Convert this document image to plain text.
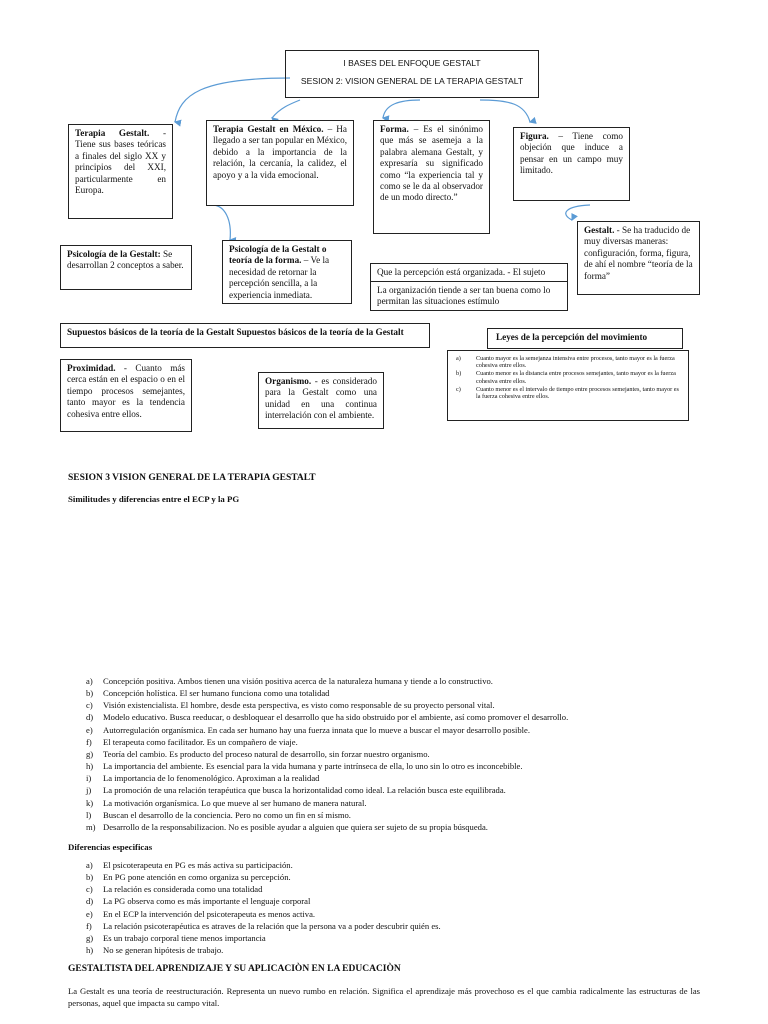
I BASES DEL ENFOQUE GESTALT
SESION 2: VISION GENERAL DE LA TERAPIA GESTALT
Terapia Gestalt. - Tiene sus bases teóricas a finales del siglo XX y principios del XXI, particularmente en Europa.
Terapia Gestalt en México. – Ha llegado a ser tan popular en México, debido a la importancia de la relación, la cercanía, la calidez, el apoyo y a la vida emocional.
Forma. – Es el sinónimo que más se asemeja a la palabra alemana Gestalt, y expresaría su significado como “la experiencia tal y como se le da al observador de un modo directo.”
Figura. – Tiene como objeción que induce a pensar en un campo muy limitado.
Gestalt. - Se ha traducido de muy diversas maneras: configuración, forma, figura, de ahí el nombre “teoría de la forma”
Psicología de la Gestalt: Se desarrollan 2 conceptos a saber.
Psicología de la Gestalt o teoría de la forma. – Ve la necesidad de retornar la percepción sencilla, a la experiencia inmediata.
Que la percepción está organizada. - El sujeto
La organización tiende a ser tan buena como lo permitan las situaciones estímulo
Supuestos básicos de la teoría de la Gestalt Supuestos básicos de la teoría de la Gestalt	Leyes de la percepción del movimiento
Proximidad. - Cuanto más cerca están en el espacio o en el tiempo procesos semejantes, tanto mayor es la tendencia cohesiva entre ellos.
Organismo. - es considerado para la Gestalt como una unidad en una continua interrelación con el ambiente.
a)	Cuanto mayor es la semejanza intensiva entre procesos, tanto mayor es la fuerza cohesiva entre ellos.
b)	Cuanto menor es la distancia entre procesos semejantes, tanto mayor es la fuerza cohesiva entre ellos.
c)	Cuanto menor es el intervalo de tiempo entre procesos semejantes, tanto mayor es la fuerza cohesiva entre ellos.
SESION 3 VISION GENERAL DE LA TERAPIA GESTALT
Similitudes y diferencias entre el ECP y la PG
a)	Concepción positiva. Ambos tienen una visión positiva acerca de la naturaleza humana y tiende a lo constructivo.
b)	Concepción holística. El ser humano funciona como una totalidad
c)	Visión existencialista. El hombre, desde esta perspectiva, es visto como responsable de su proyecto personal vital.
d)	Modelo educativo. Busca reeducar, o desbloquear el desarrollo que ha sido obstruido por el ambiente, así como promover el desarrollo.
e)	Autorregulación organísmica. En cada ser humano hay una fuerza innata que lo mueve a buscar el mayor desarrollo posible.
f)	El terapeuta como facilitador. Es un compañero de viaje.
g)	Teoría del cambio. Es producto del proceso natural de desarrollo, sin forzar nuestro organismo.
h)	La importancia del ambiente. Es esencial para la vida humana y parte intrínseca de ella, lo uno sin lo otro es inconcebible.
i)	La importancia de lo fenomenológico. Aproximan a la realidad
j)	La promoción de una relación terapéutica que busca la horizontalidad como ideal. La relación busca este equilibrada.
k)	La motivación organísmica. Lo que mueve al ser humano de manera natural.
l)	Buscan el desarrollo de la conciencia. Pero no como un fin en sí mismo.
m) Desarrollo de la responsabilizacion. No es posible ayudar a alguien que quiera ser sujeto de su propia búsqueda.
Diferencias especificas
a)	El psicoterapeuta en PG es más activa su participación.
b)	En PG pone atención en como organiza su percepción.
c)	La relación es considerada como una totalidad
d)	La PG observa como es más importante el lenguaje corporal
e)	En el ECP la intervención del psicoterapeuta es menos activa.
f)	La relación psicoterapéutica es atraves de la relación que la persona va a poder descubrir quién es.
g)	Es un trabajo corporal tiene menos importancia
h)	No se generan hipótesis de trabajo.
GESTALTISTA DEL APRENDIZAJE Y SU APLICACIÒN EN LA EDUCACIÒN
La Gestalt es una teoría de reestructuración. Representa un nuevo rumbo en relación. Significa el aprendizaje más provechoso es el que cambia radicalmente las estructuras de las personas, aquel que impacta su campo vital.
